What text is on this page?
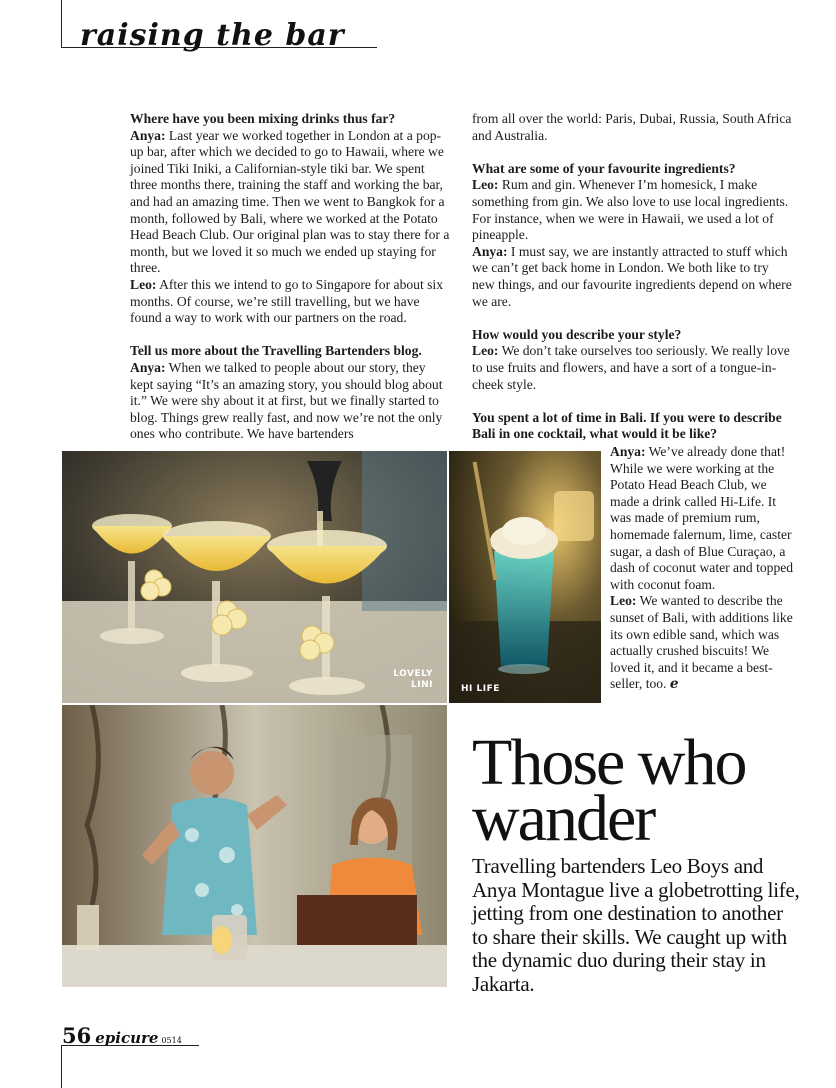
raising the bar

Where have you been mixing drinks thus far?
Anya: Last year we worked together in London at a pop-up bar, after which we decided to go to Hawaii, where we joined Tiki Iniki, a Californian-style tiki bar. We spent three months there, training the staff and working the bar, and had an amazing time. Then we went to Bangkok for a month, followed by Bali, where we worked at the Potato Head Beach Club. Our original plan was to stay there for a month, but we loved it so much we ended up staying for three.
Leo: After this we intend to go to Singapore for about six months. Of course, we’re still travelling, but we have found a way to work with our partners on the road.

Tell us more about the Travelling Bartenders blog.
Anya: When we talked to people about our story, they kept saying “It’s an amazing story, you should blog about it.” We were shy about it at first, but we finally started to blog. Things grew really fast, and now we’re not the only ones who contribute. We have bartenders

from all over the world: Paris, Dubai, Russia, South Africa and Australia.

What are some of your favourite ingredients?
Leo: Rum and gin. Whenever I’m homesick, I make something from gin. We also love to use local ingredients. For instance, when we were in Hawaii, we used a lot of pineapple.
Anya: I must say, we are instantly attracted to stuff which we can’t get back home in London. We both like to try new things, and our favourite ingredients depend on where we are.

How would you describe your style?
Leo: We don’t take ourselves too seriously. We really love to use fruits and flowers, and have a sort of a tongue-in-cheek style.

You spent a lot of time in Bali. If you were to describe Bali in one cocktail, what would it be like?

Anya: We’ve already done that! While we were working at the Potato Head Beach Club, we made a drink called Hi-Life. It was made of premium rum, homemade falernum, lime, caster sugar, a dash of Blue Curaçao, a dash of coconut water and topped with coconut foam.
Leo: We wanted to describe the sunset of Bali, with additions like its own edible sand, which was actually crushed biscuits! We loved it, and it became a best-seller, too. e
LOVELY
LINI	HI LIFE
Those who wander
Travelling bartenders Leo Boys and Anya Montague live a globetrotting life, jetting from one destination to another to share their skills. We caught up with the dynamic duo during their stay in Jakarta.
56 epicure 0514
